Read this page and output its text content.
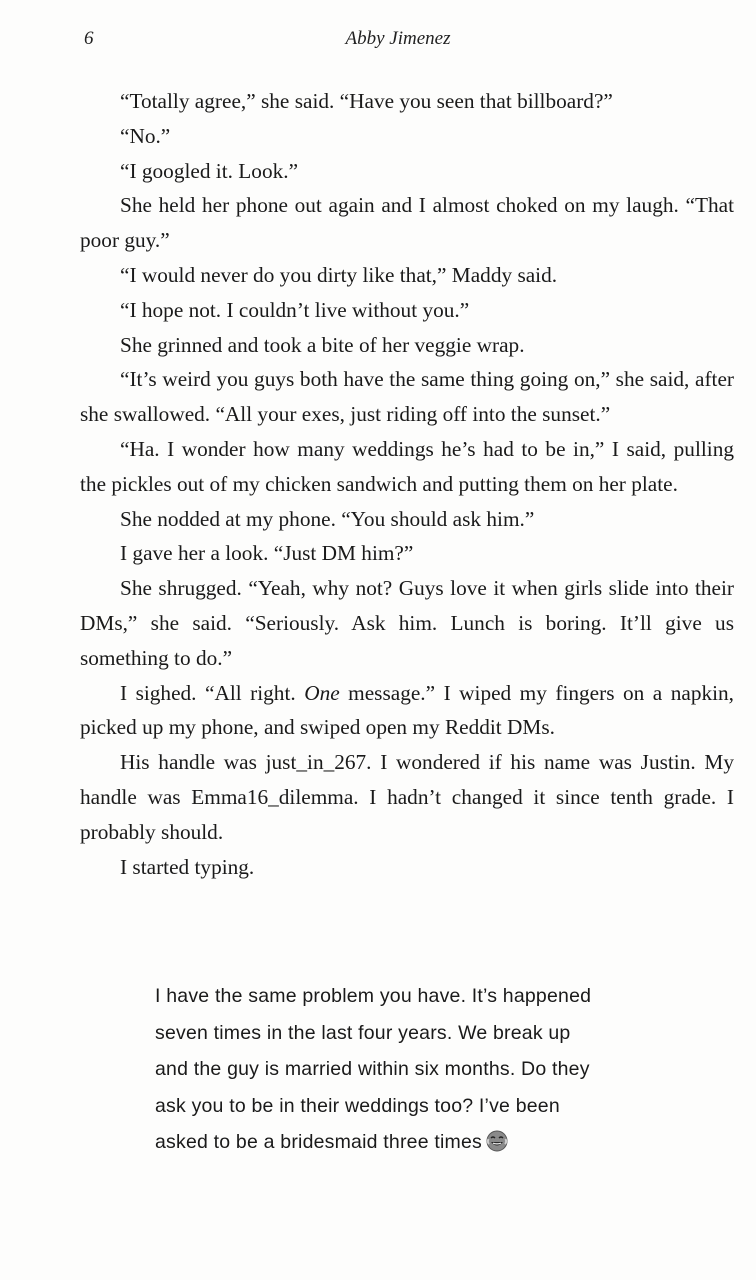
6	Abby Jimenez

“Totally agree,” she said. “Have you seen that billboard?”

“No.”

“I googled it. Look.”

She held her phone out again and I almost choked on my laugh. “That poor guy.”

“I would never do you dirty like that,” Maddy said.

“I hope not. I couldn’t live without you.”

She grinned and took a bite of her veggie wrap.

“It’s weird you guys both have the same thing going on,” she said, after she swallowed. “All your exes, just riding off into the sunset.”

“Ha. I wonder how many weddings he’s had to be in,” I said, pulling the pickles out of my chicken sandwich and putting them on her plate.

She nodded at my phone. “You should ask him.”

I gave her a look. “Just DM him?”

She shrugged. “Yeah, why not? Guys love it when girls slide into their DMs,” she said. “Seriously. Ask him. Lunch is boring. It’ll give us something to do.”

I sighed. “All right. One message.” I wiped my fingers on a napkin, picked up my phone, and swiped open my Reddit DMs.

His handle was just_in_267. I wondered if his name was Justin. My handle was Emma16_dilemma. I hadn’t changed it since tenth grade. I probably should.

I started typing.

I have the same problem you have. It’s happened
seven times in the last four years. We break up
and the guy is married within six months. Do they
ask you to be in their weddings too? I’ve been
asked to be a bridesmaid three times
